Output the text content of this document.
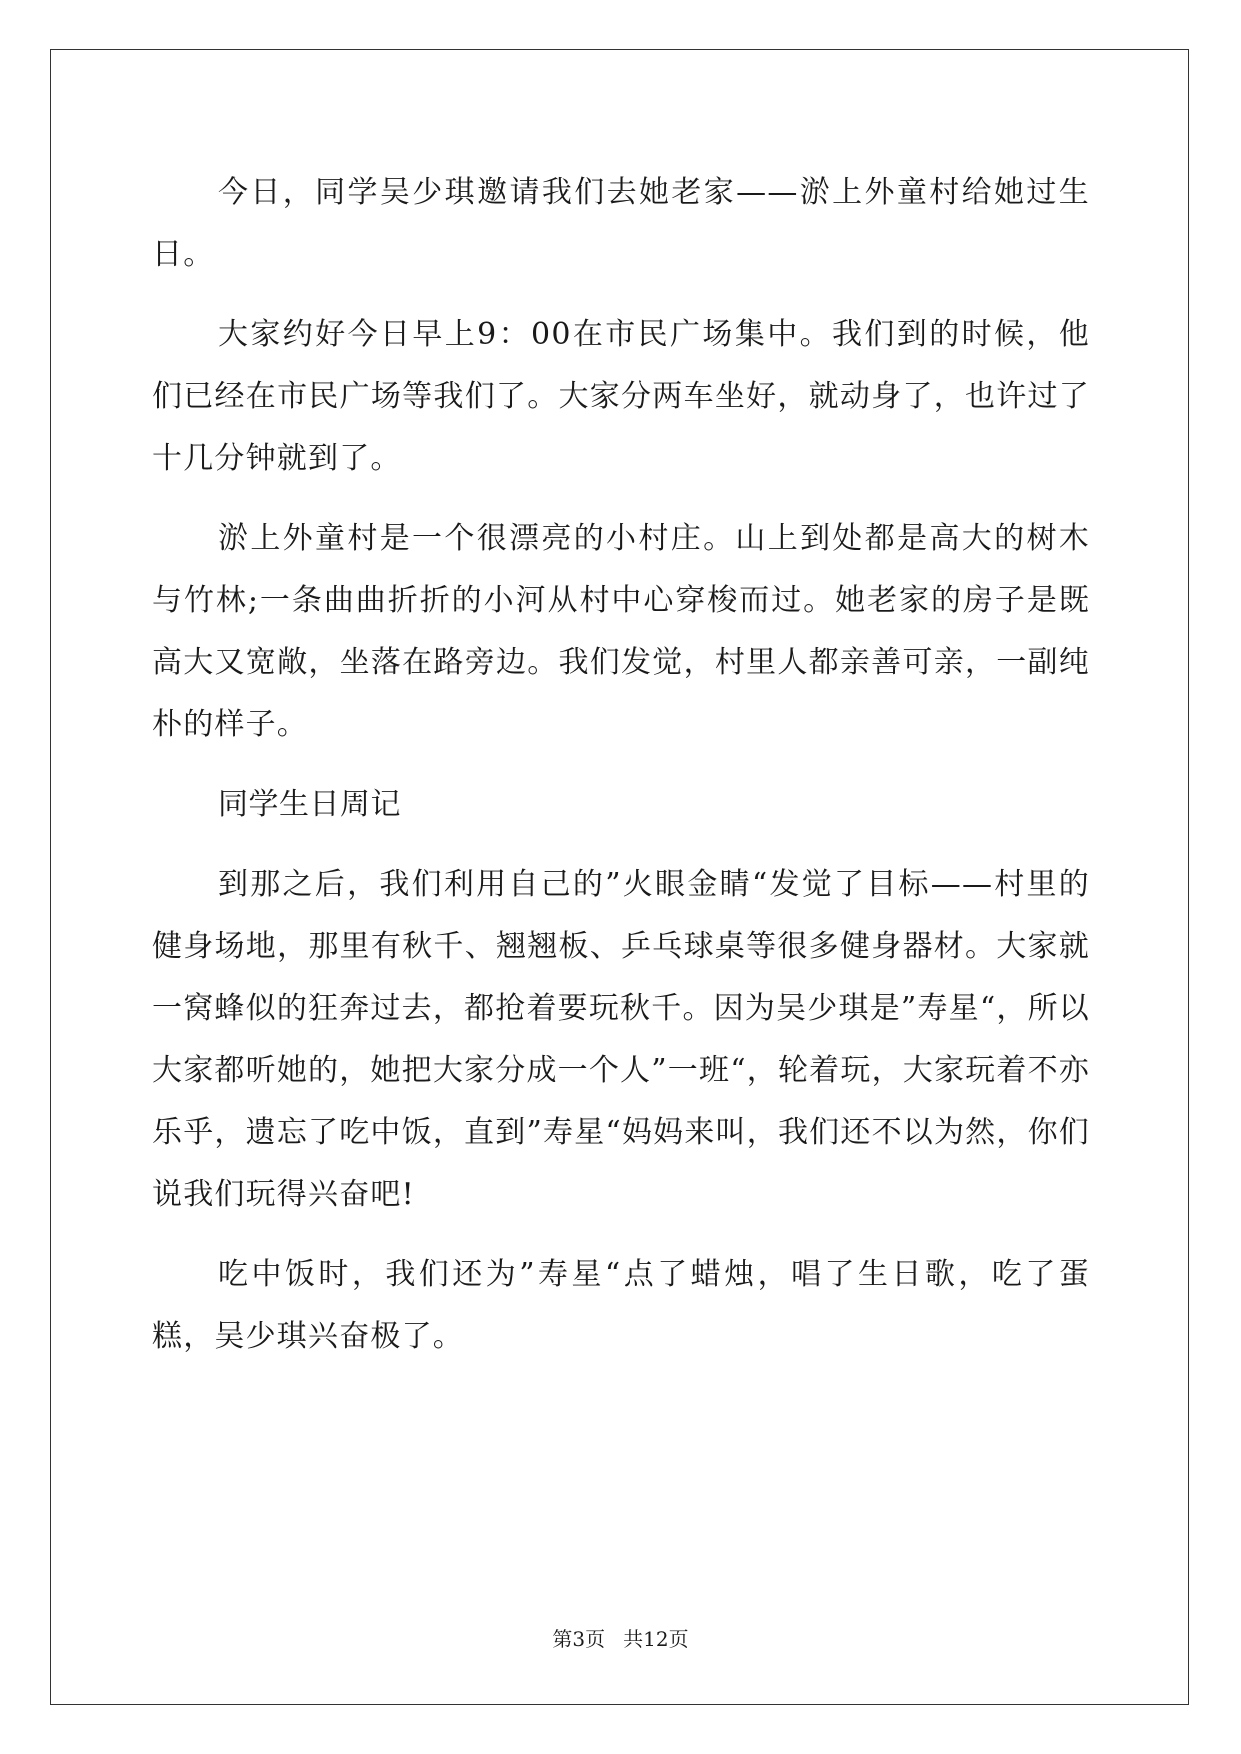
今日，同学吴少琪邀请我们去她老家——淤上外童村给她过生日。

大家约好今日早上9：00在市民广场集中。我们到的时候，他们已经在市民广场等我们了。大家分两车坐好，就动身了，也许过了十几分钟就到了。

淤上外童村是一个很漂亮的小村庄。山上到处都是高大的树木与竹林;一条曲曲折折的小河从村中心穿梭而过。她老家的房子是既高大又宽敞，坐落在路旁边。我们发觉，村里人都亲善可亲，一副纯朴的样子。

同学生日周记

到那之后，我们利用自己的”火眼金睛“发觉了目标——村里的健身场地，那里有秋千、翘翘板、乒乓球桌等很多健身器材。大家就一窝蜂似的狂奔过去，都抢着要玩秋千。因为吴少琪是”寿星“，所以大家都听她的，她把大家分成一个人”一班“，轮着玩，大家玩着不亦乐乎，遗忘了吃中饭，直到”寿星“妈妈来叫，我们还不以为然，你们说我们玩得兴奋吧!

吃中饭时，我们还为”寿星“点了蜡烛，唱了生日歌，吃了蛋糕，吴少琪兴奋极了。

第3页 共12页
